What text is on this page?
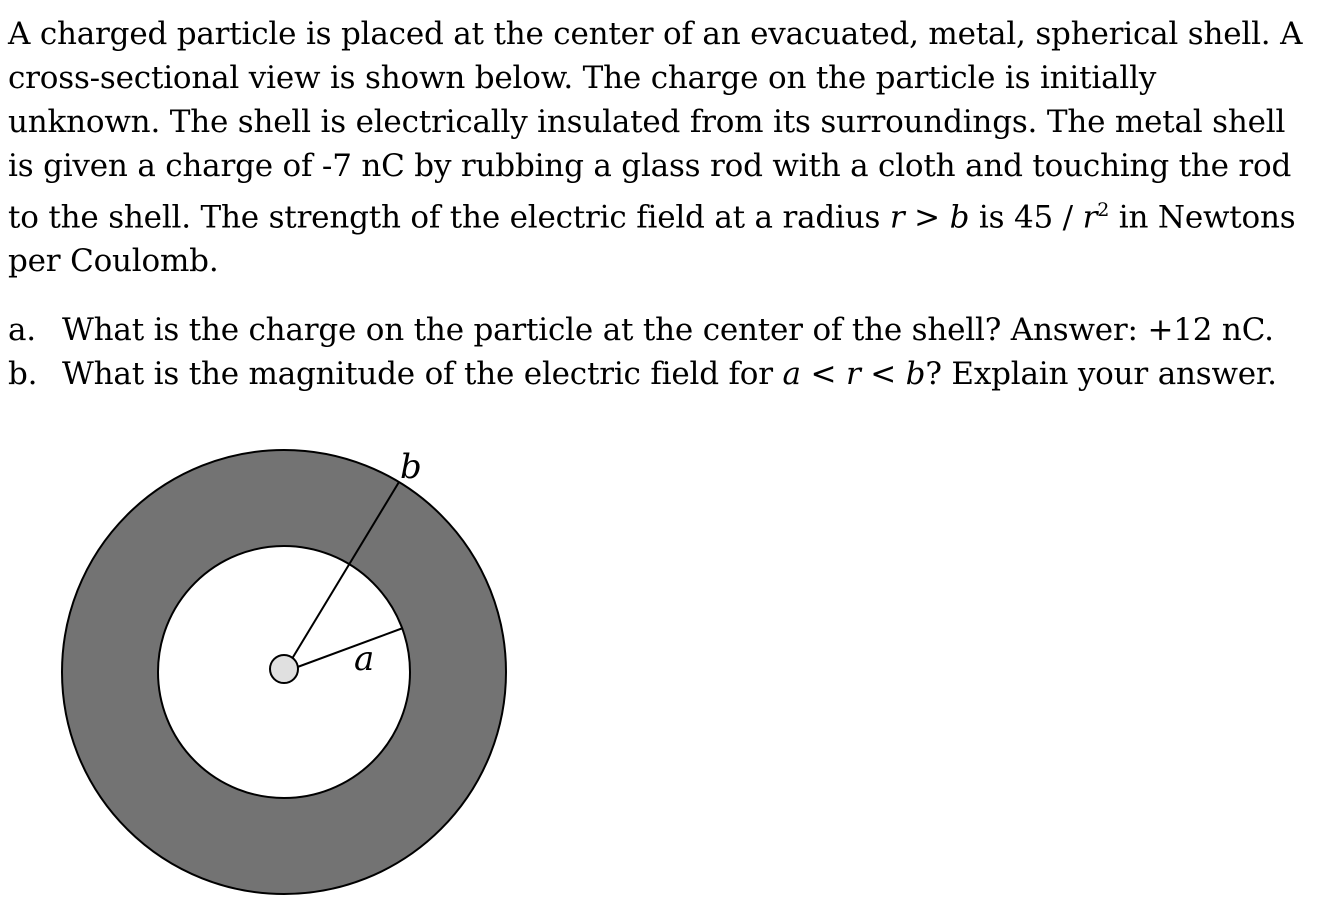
A charged particle is placed at the center of an evacuated, metal, spherical shell. A
cross-sectional view is shown below. The charge on the particle is initially
unknown. The shell is electrically insulated from its surroundings. The metal shell
is given a charge of -7 nC by rubbing a glass rod with a cloth and touching the rod
to the shell. The strength of the electric field at a radius r > b is $45 / r^2$ in Newtons
per Coulomb.
a. What is the charge on the particle at the center of the shell? Answer: +12 nC.
b. What is the magnitude of the electric field for a < r < b? Explain your answer.
b
a
